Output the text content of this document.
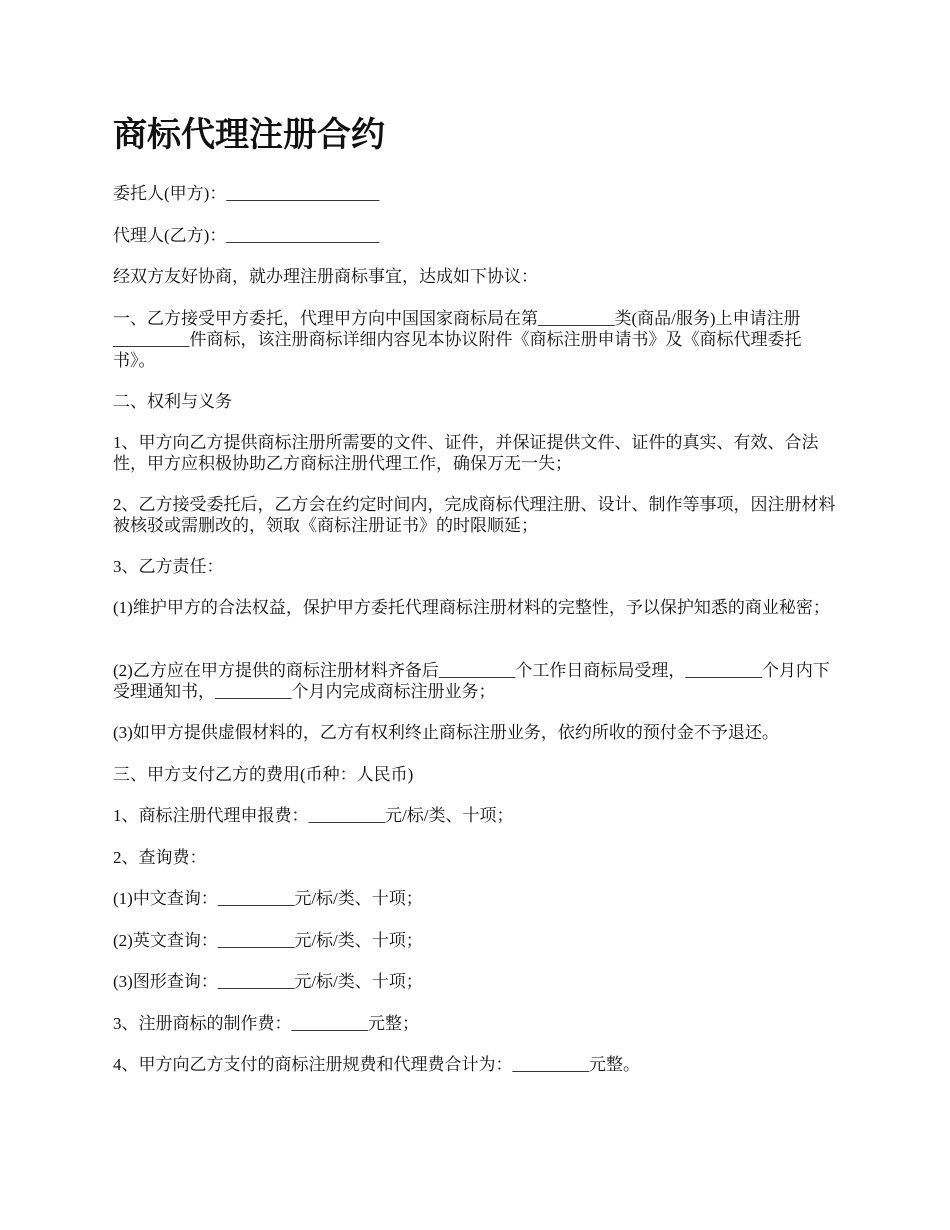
商标代理注册合约

委托人(甲方)：__________________

代理人(乙方)：__________________

经双方友好协商，就办理注册商标事宜，达成如下协议：

一、乙方接受甲方委托，代理甲方向中国国家商标局在第_________类(商品/服务)上申请注册_________件商标，该注册商标详细内容见本协议附件《商标注册申请书》及《商标代理委托书》。

二、权利与义务

1、甲方向乙方提供商标注册所需要的文件、证件，并保证提供文件、证件的真实、有效、合法性，甲方应积极协助乙方商标注册代理工作，确保万无一失；

2、乙方接受委托后，乙方会在约定时间内，完成商标代理注册、设计、制作等事项，因注册材料被核驳或需删改的，领取《商标注册证书》的时限顺延；

3、乙方责任：

(1)维护甲方的合法权益，保护甲方委托代理商标注册材料的完整性，予以保护知悉的商业秘密；

(2)乙方应在甲方提供的商标注册材料齐备后_________个工作日商标局受理，_________个月内下受理通知书，_________个月内完成商标注册业务；

(3)如甲方提供虚假材料的，乙方有权利终止商标注册业务，依约所收的预付金不予退还。

三、甲方支付乙方的费用(币种：人民币)

1、商标注册代理申报费：_________元/标/类、十项；

2、查询费：

(1)中文查询：_________元/标/类、十项；

(2)英文查询：_________元/标/类、十项；

(3)图形查询：_________元/标/类、十项；

3、注册商标的制作费：_________元整；

4、甲方向乙方支付的商标注册规费和代理费合计为：_________元整。
